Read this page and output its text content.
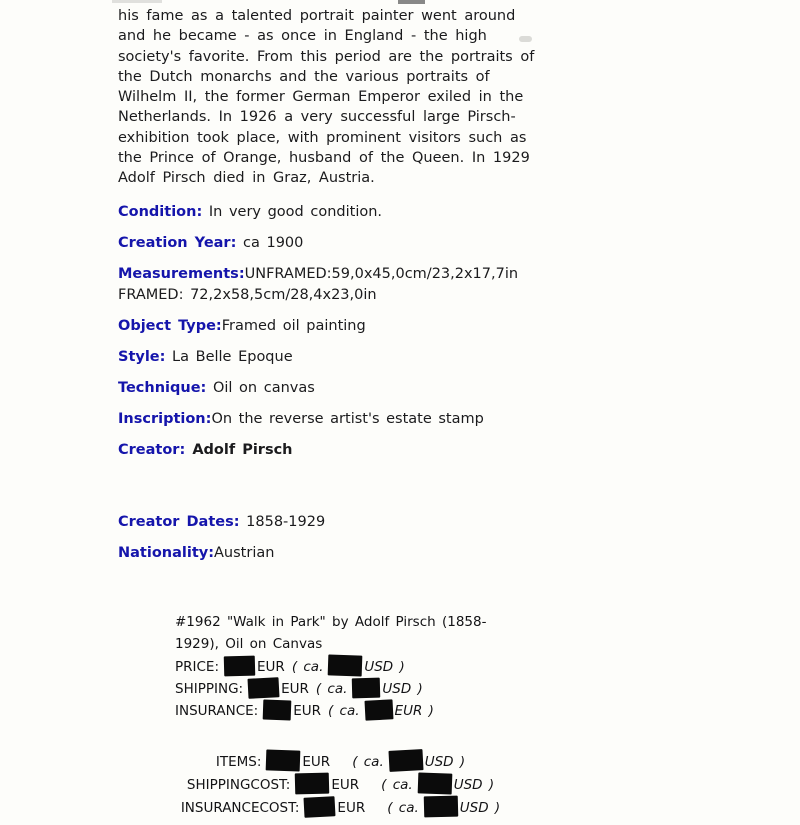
his fame as a talented portrait painter went around and he became - as once in England - the high society's favorite. From this period are the portraits of the Dutch monarchs and the various portraits of Wilhelm II, the former German Emperor exiled in the Netherlands. In 1926 a very successful large Pirsch-exhibition took place, with prominent visitors such as the Prince of Orange, husband of the Queen. In 1929 Adolf Pirsch died in Graz, Austria.

Condition: In very good condition.
Creation Year: ca 1900
Measurements:UNFRAMED:59,0x45,0cm/23,2x17,7in
FRAMED: 72,2x58,5cm/28,4x23,0in
Object Type:Framed oil painting
Style: La Belle Epoque
Technique: Oil on canvas
Inscription:On the reverse artist's estate stamp
Creator: Adolf Pirsch
Creator Dates: 1858-1929
Nationality:Austrian
#1962 "Walk in Park" by Adolf Pirsch (1858-1929), Oil on Canvas
PRICE:	EUR ( ca.	USD )
SHIPPING:	EUR ( ca.	USD )
INSURANCE:	EUR ( ca.	EUR )
ITEMS:	EUR ( ca.	USD )
SHIPPINGCOST:	EUR ( ca.	USD )
INSURANCECOST:	EUR ( ca.	USD )
